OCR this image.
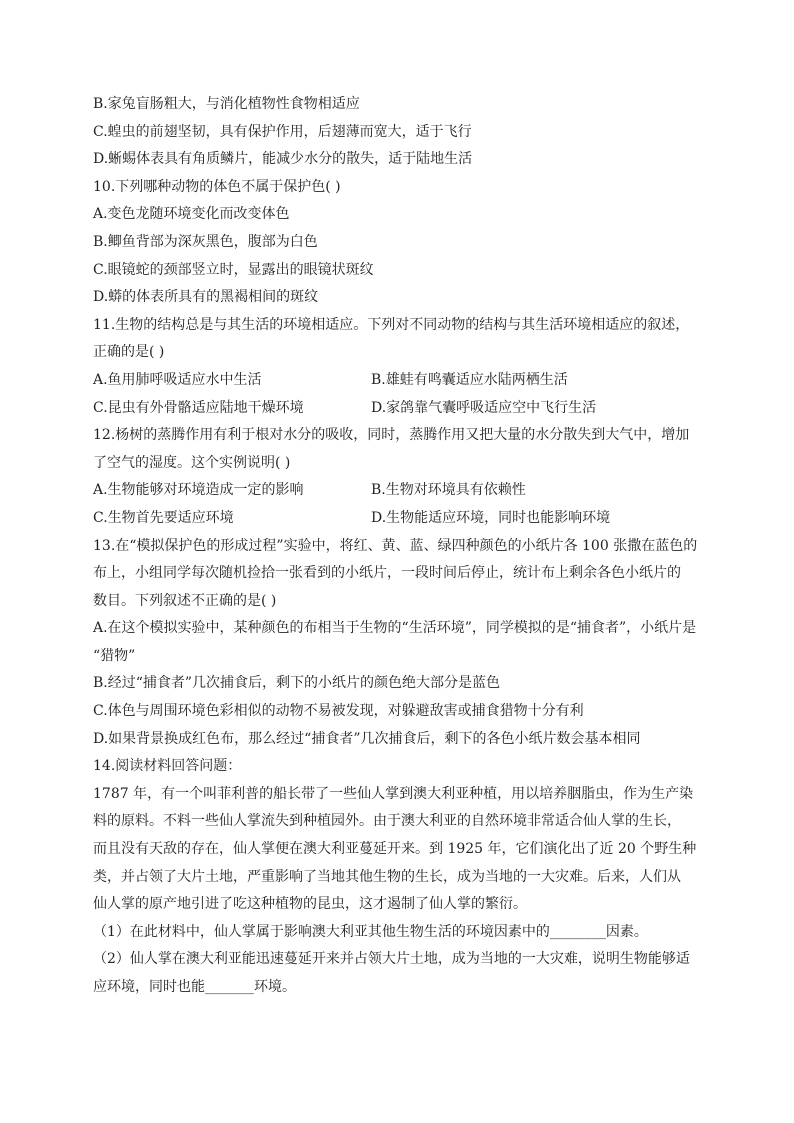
B.家兔盲肠粗大，与消化植物性食物相适应
C.蝗虫的前翅坚韧，具有保护作用，后翅薄而宽大，适于飞行
D.蜥蜴体表具有角质鳞片，能减少水分的散失，适于陆地生活
10.下列哪种动物的体色不属于保护色( )
A.变色龙随环境变化而改变体色
B.鲫鱼背部为深灰黑色，腹部为白色
C.眼镜蛇的颈部竖立时，显露出的眼镜状斑纹
D.蟒的体表所具有的黑褐相间的斑纹
11.生物的结构总是与其生活的环境相适应。下列对不同动物的结构与其生活环境相适应的叙述，
正确的是( )
A.鱼用肺呼吸适应水中生活	B.雄蛙有鸣囊适应水陆两栖生活
C.昆虫有外骨骼适应陆地干燥环境	D.家鸽靠气囊呼吸适应空中飞行生活
12.杨树的蒸腾作用有利于根对水分的吸收，同时，蒸腾作用又把大量的水分散失到大气中，增加
了空气的湿度。这个实例说明( )
A.生物能够对环境造成一定的影响	B.生物对环境具有依赖性
C.生物首先要适应环境	D.生物能适应环境，同时也能影响环境
13.在“模拟保护色的形成过程”实验中，将红、黄、蓝、绿四种颜色的小纸片各 100 张撒在蓝色的
布上，小组同学每次随机捡拾一张看到的小纸片，一段时间后停止，统计布上剩余各色小纸片的
数目。下列叙述不正确的是( )
A.在这个模拟实验中，某种颜色的布相当于生物的“生活环境”，同学模拟的是“捕食者”，小纸片是
“猎物”
B.经过“捕食者”几次捕食后，剩下的小纸片的颜色绝大部分是蓝色
C.体色与周围环境色彩相似的动物不易被发现，对躲避敌害或捕食猎物十分有利
D.如果背景换成红色布，那么经过“捕食者”几次捕食后，剩下的各色小纸片数会基本相同
14.阅读材料回答问题：
1787 年，有一个叫菲利普的船长带了一些仙人掌到澳大利亚种植，用以培养胭脂虫，作为生产染
料的原料。不料一些仙人掌流失到种植园外。由于澳大利亚的自然环境非常适合仙人掌的生长，
而且没有天敌的存在，仙人掌便在澳大利亚蔓延开来。到 1925 年，它们演化出了近 20 个野生种
类，并占领了大片土地，严重影响了当地其他生物的生长，成为当地的一大灾难。后来，人们从
仙人掌的原产地引进了吃这种植物的昆虫，这才遏制了仙人掌的繁衍。
（1）在此材料中，仙人掌属于影响澳大利亚其他生物生活的环境因素中的________因素。
（2）仙人掌在澳大利亚能迅速蔓延开来并占领大片土地，成为当地的一大灾难，说明生物能够适
应环境，同时也能_______环境。
